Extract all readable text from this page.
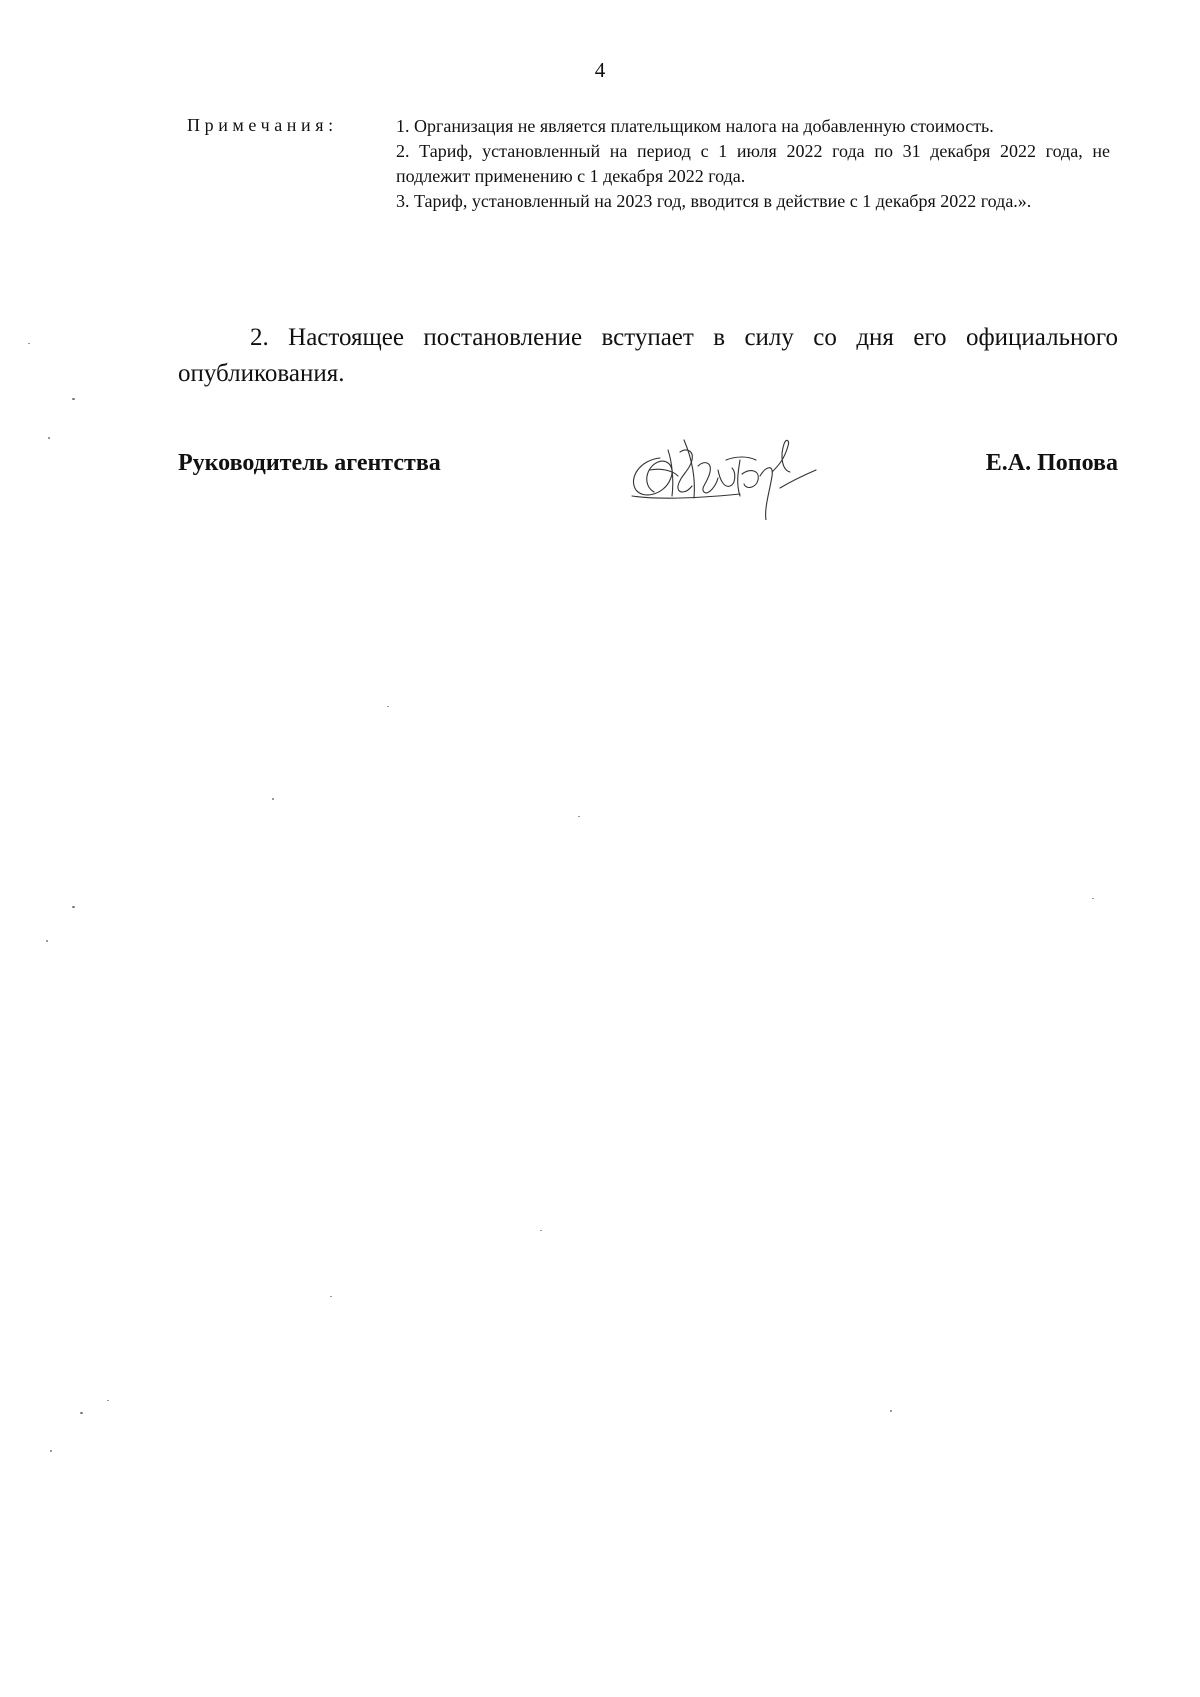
4
Примечания:	1. Организация не является плательщиком налога на добавленную стоимость.
2. Тариф, установленный на период с 1 июля 2022 года по 31 декабря 2022 года, не подлежит применению с 1 декабря 2022 года.
3. Тариф, установленный на 2023 год, вводится в действие с 1 декабря 2022 года.».
2. Настоящее постановление вступает в силу со дня его официального опубликования.
Руководитель агентства	Е.А. Попова
